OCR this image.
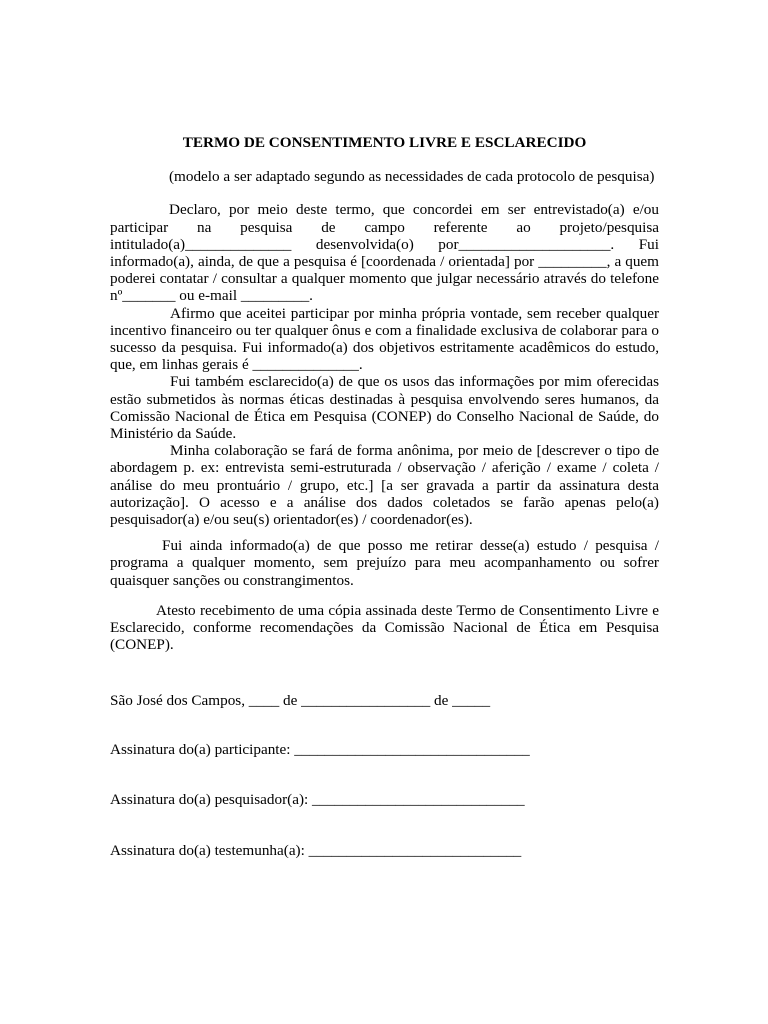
TERMO DE CONSENTIMENTO LIVRE E ESCLARECIDO

(modelo a ser adaptado segundo as necessidades de cada protocolo de pesquisa)

Declaro, por meio deste termo, que concordei em ser entrevistado(a) e/ou participar na pesquisa de campo referente ao projeto/pesquisa intitulado(a)______________ desenvolvida(o) por____________________. Fui informado(a), ainda, de que a pesquisa é [coordenada / orientada] por _________, a quem poderei contatar / consultar a qualquer momento que julgar necessário através do telefone nº_______ ou e-mail _________.

Afirmo que aceitei participar por minha própria vontade, sem receber qualquer incentivo financeiro ou ter qualquer ônus e com a finalidade exclusiva de colaborar para o sucesso da pesquisa. Fui informado(a) dos objetivos estritamente acadêmicos do estudo, que, em linhas gerais é ______________.

Fui também esclarecido(a) de que os usos das informações por mim oferecidas estão submetidos às normas éticas destinadas à pesquisa envolvendo seres humanos, da Comissão Nacional de Ética em Pesquisa (CONEP) do Conselho Nacional de Saúde, do Ministério da Saúde.

Minha colaboração se fará de forma anônima, por meio de [descrever o tipo de abordagem p. ex: entrevista semi-estruturada / observação / aferição / exame / coleta / análise do meu prontuário / grupo, etc.] [a ser gravada a partir da assinatura desta autorização]. O acesso e a análise dos dados coletados se farão apenas pelo(a) pesquisador(a) e/ou seu(s) orientador(es) / coordenador(es).

Fui ainda informado(a) de que posso me retirar desse(a) estudo / pesquisa / programa a qualquer momento, sem prejuízo para meu acompanhamento ou sofrer quaisquer sanções ou constrangimentos.

Atesto recebimento de uma cópia assinada deste Termo de Consentimento Livre e Esclarecido, conforme recomendações da Comissão Nacional de Ética em Pesquisa (CONEP).

São José dos Campos, ____ de _________________ de _____

Assinatura do(a) participante: _______________________________

Assinatura do(a) pesquisador(a): ____________________________

Assinatura do(a) testemunha(a): ____________________________
